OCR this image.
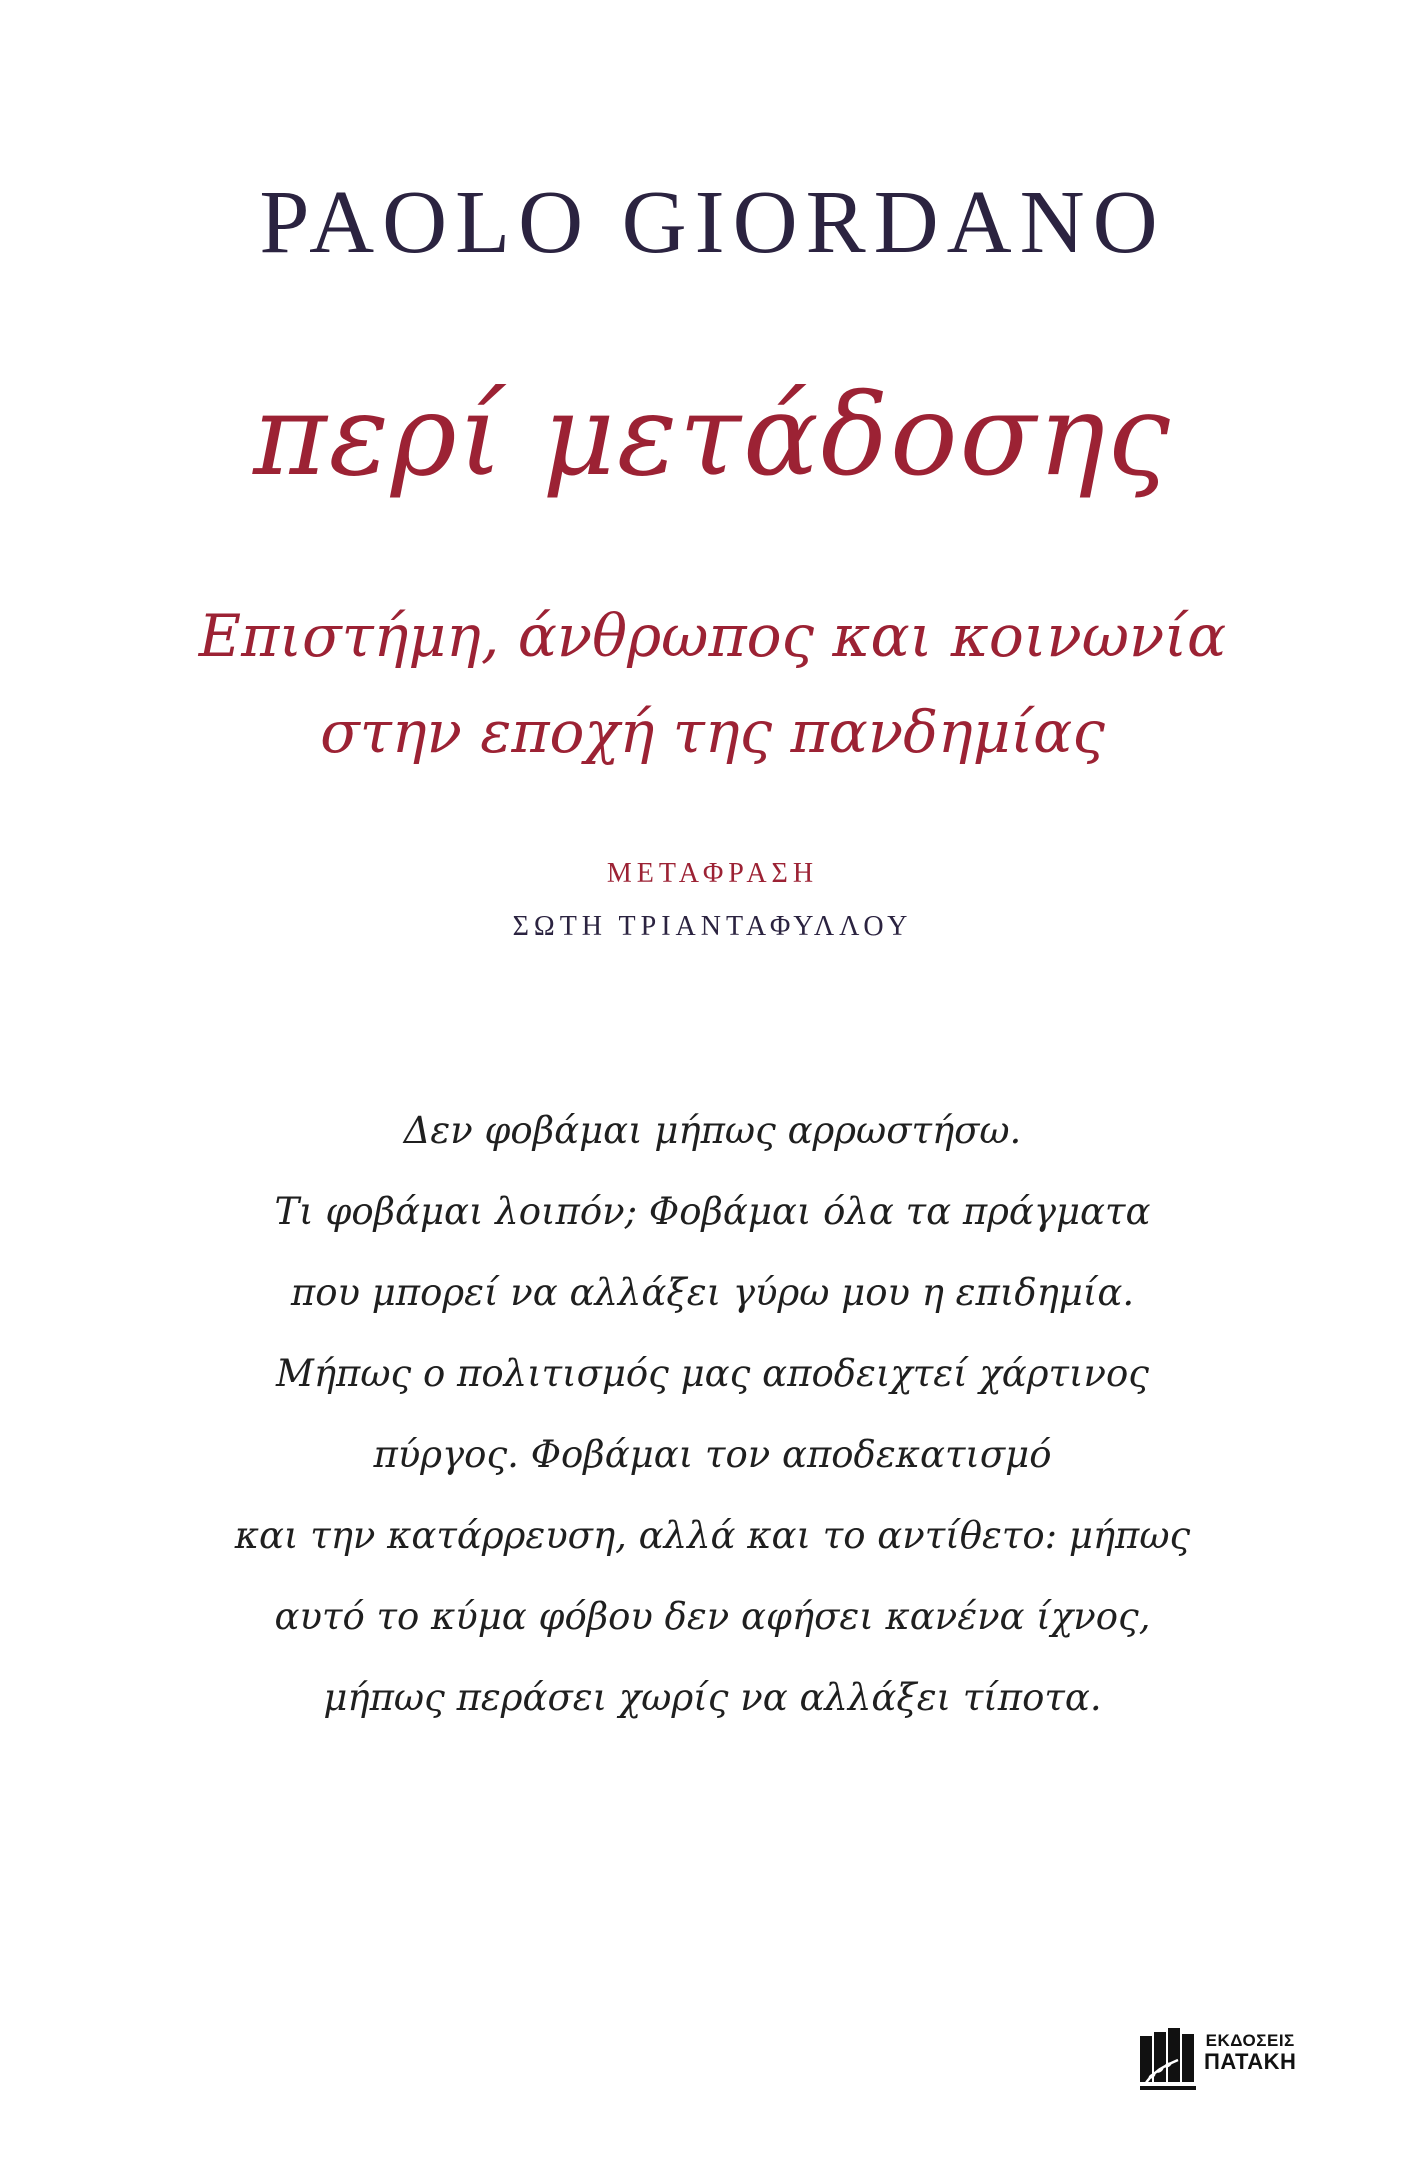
PAOLO GIORDANO
περί μετάδοσης
Επιστήμη, άνθρωπος και κοινωνία
στην εποχή της πανδημίας
ΜΕΤΑΦΡΑΣΗ
ΣΩΤΗ ΤΡΙΑΝΤΑΦΥΛΛΟΥ
Δεν φοβάμαι μήπως αρρωστήσω.
Τι φοβάμαι λοιπόν; Φοβάμαι όλα τα πράγματα
που μπορεί να αλλάξει γύρω μου η επιδημία.
Μήπως ο πολιτισμός μας αποδειχτεί χάρτινος
πύργος. Φοβάμαι τον αποδεκατισμό
και την κατάρρευση, αλλά και το αντίθετο: μήπως
αυτό το κύμα φόβου δεν αφήσει κανένα ίχνος,
μήπως περάσει χωρίς να αλλάξει τίποτα.
ΕΚΔΟΣΕΙΣ
ΠΑΤΑΚΗ
